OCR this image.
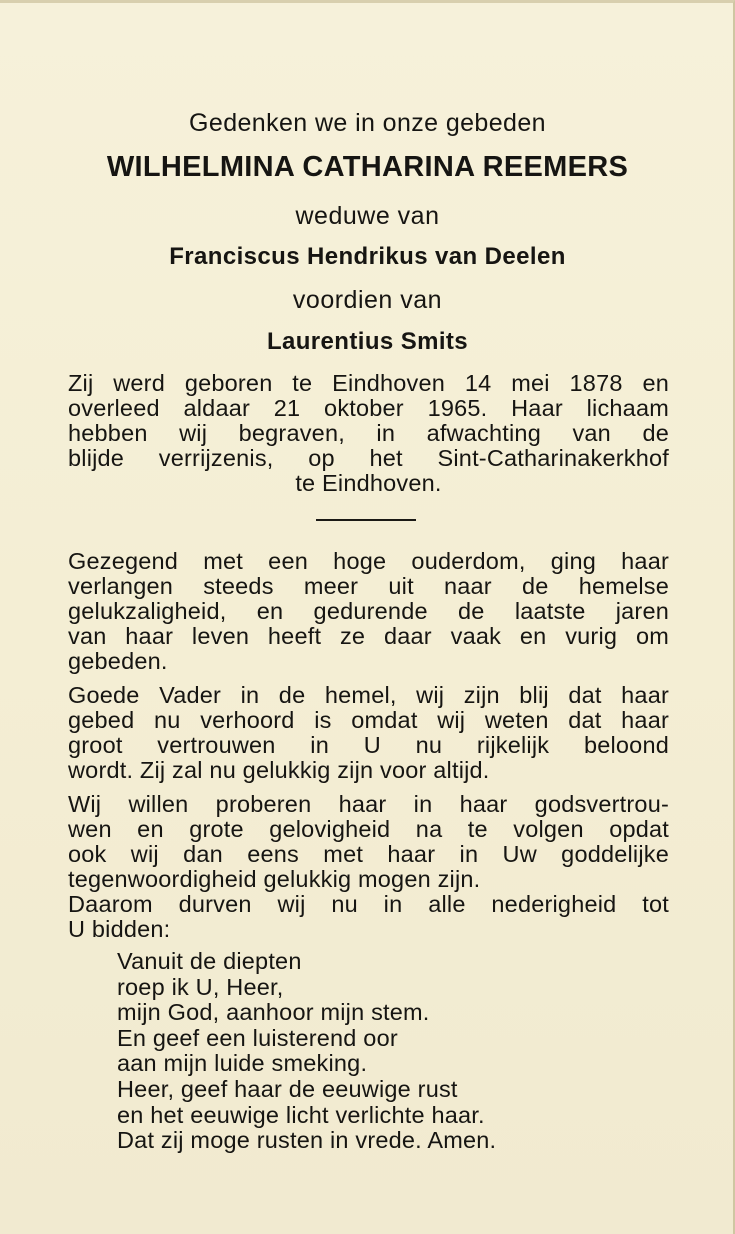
Gedenken we in onze gebeden
WILHELMINA CATHARINA REEMERS
weduwe van
Franciscus Hendrikus van Deelen
voordien van
Laurentius Smits
Zij werd geboren te Eindhoven 14 mei 1878 en
overleed aldaar 21 oktober 1965. Haar lichaam
hebben wij begraven, in afwachting van de
blijde verrijzenis, op het Sint-Catharinakerkhof
te Eindhoven.
Gezegend met een hoge ouderdom, ging haar
verlangen steeds meer uit naar de hemelse
gelukzaligheid, en gedurende de laatste jaren
van haar leven heeft ze daar vaak en vurig om
gebeden.
Goede Vader in de hemel, wij zijn blij dat haar
gebed nu verhoord is omdat wij weten dat haar
groot vertrouwen in U nu rijkelijk beloond
wordt. Zij zal nu gelukkig zijn voor altijd.
Wij willen proberen haar in haar godsvertrou-
wen en grote gelovigheid na te volgen opdat
ook wij dan eens met haar in Uw goddelijke
tegenwoordigheid gelukkig mogen zijn.
Daarom durven wij nu in alle nederigheid tot
U bidden:
Vanuit de diepten
roep ik U, Heer,
mijn God, aanhoor mijn stem.
En geef een luisterend oor
aan mijn luide smeking.
Heer, geef haar de eeuwige rust
en het eeuwige licht verlichte haar.
Dat zij moge rusten in vrede. Amen.
